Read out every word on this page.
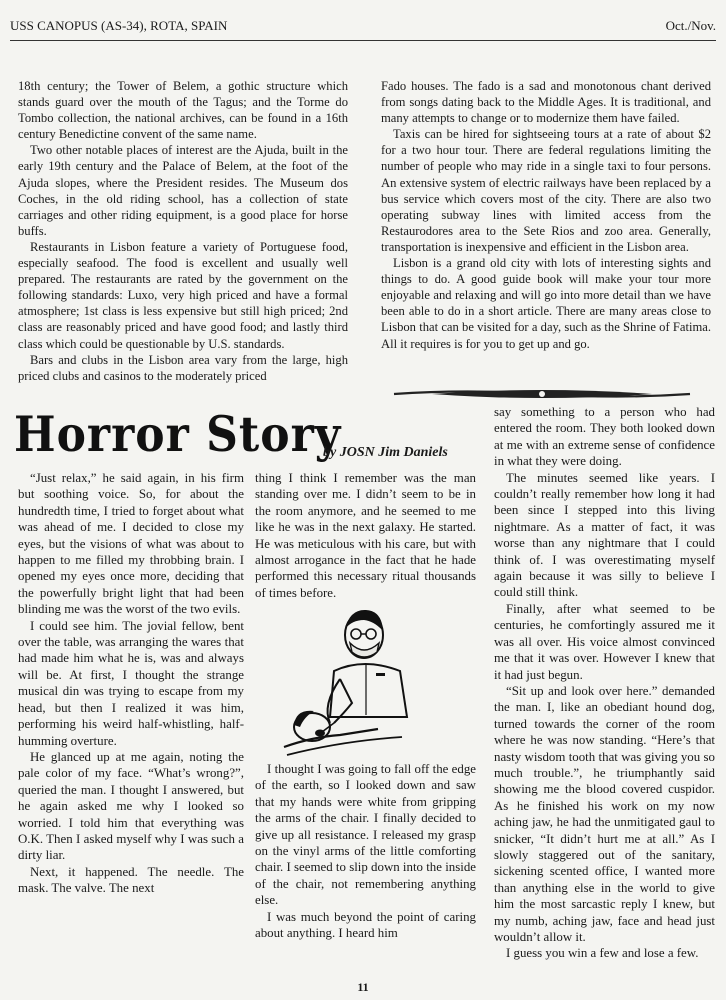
USS CANOPUS (AS-34), ROTA, SPAIN	Oct./Nov.

18th century; the Tower of Belem, a gothic structure which stands guard over the mouth of the Tagus; and the Torme do Tombo collection, the national archives, can be found in a 16th century Benedictine convent of the same name.

Two other notable places of interest are the Ajuda, built in the early 19th century and the Palace of Belem, at the foot of the Ajuda slopes, where the President resides. The Museum dos Coches, in the old riding school, has a collection of state carriages and other riding equipment, is a good place for horse buffs.

Restaurants in Lisbon feature a variety of Portuguese food, especially seafood. The food is excellent and usually well prepared. The restaurants are rated by the government on the following standards: Luxo, very high priced and have a formal atmosphere; 1st class is less expensive but still high priced; 2nd class are reasonably priced and have good food; and lastly third class which could be questionable by U.S. standards.

Bars and clubs in the Lisbon area vary from the large, high priced clubs and casinos to the moderately priced

Fado houses. The fado is a sad and monotonous chant derived from songs dating back to the Middle Ages. It is traditional, and many attempts to change or to modernize them have failed.

Taxis can be hired for sightseeing tours at a rate of about $2 for a two hour tour. There are federal regulations limiting the number of people who may ride in a single taxi to four persons. An extensive system of electric railways have been replaced by a bus service which covers most of the city. There are also two operating subway lines with limited access from the Restaurodores area to the Sete Rios and zoo area. Generally, transportation is inexpensive and efficient in the Lisbon area.

Lisbon is a grand old city with lots of interesting sights and things to do. A good guide book will make your tour more enjoyable and relaxing and will go into more detail than we have been able to do in a short article. There are many areas close to Lisbon that can be visited for a day, such as the Shrine of Fatima. All it requires is for you to get up and go.

Horror Story
by JOSN Jim Daniels

“Just relax,” he said again, in his firm but soothing voice. So, for about the hundredth time, I tried to forget about what was ahead of me. I decided to close my eyes, but the visions of what was about to happen to me filled my throbbing brain. I opened my eyes once more, deciding that the powerfully bright light that had been blinding me was the worst of the two evils.

I could see him. The jovial fellow, bent over the table, was arranging the wares that had made him what he is, was and always will be. At first, I thought the strange musical din was trying to escape from my head, but then I realized it was him, performing his weird half-whistling, half-humming overture.

He glanced up at me again, noting the pale color of my face. “What’s wrong?”, queried the man. I thought I answered, but he again asked me why I looked so worried. I told him that everything was O.K. Then I asked myself why I was such a dirty liar.

Next, it happened. The needle. The mask. The valve. The next

thing I think I remember was the man standing over me. I didn’t seem to be in the room anymore, and he seemed to me like he was in the next galaxy. He started. He was meticulous with his care, but with almost arrogance in the fact that he hade performed this necessary ritual thousands of times before.

I thought I was going to fall off the edge of the earth, so I looked down and saw that my hands were white from gripping the arms of the chair. I finally decided to give up all resistance. I released my grasp on the vinyl arms of the little comforting chair. I seemed to slip down into the inside of the chair, not remembering anything else.

I was much beyond the point of caring about anything. I heard him

say something to a person who had entered the room. They both looked down at me with an extreme sense of confidence in what they were doing.

The minutes seemed like years. I couldn’t really remember how long it had been since I stepped into this living nightmare. As a matter of fact, it was worse than any nightmare that I could think of. I was overestimating myself again because it was silly to believe I could still think.

Finally, after what seemed to be centuries, he comfortingly assured me it was all over. His voice almost convinced me that it was over. However I knew that it had just begun.

“Sit up and look over here.” demanded the man. I, like an obediant hound dog, turned towards the corner of the room where he was now standing. “Here’s that nasty wisdom tooth that was giving you so much trouble.”, he triumphantly said showing me the blood covered cuspidor. As he finished his work on my now aching jaw, he had the unmitigated gaul to snicker, “It didn’t hurt me at all.” As I slowly staggered out of the sanitary, sickening scented office, I wanted more than anything else in the world to give him the most sarcastic reply I knew, but my numb, aching jaw, face and head just wouldn’t allow it.

I guess you win a few and lose a few.

11
